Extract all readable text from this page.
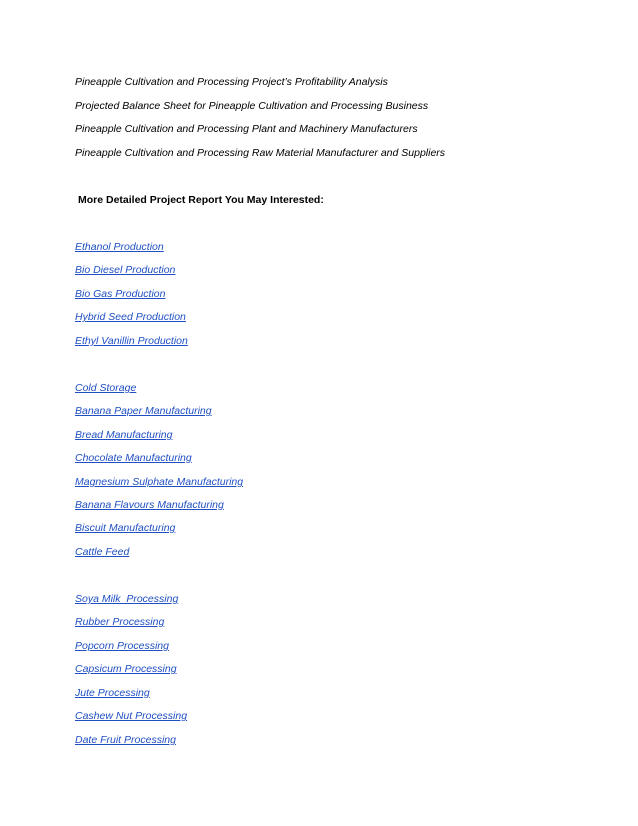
Pineapple Cultivation and Processing Project’s Profitability Analysis
Projected Balance Sheet for Pineapple Cultivation and Processing Business
Pineapple Cultivation and Processing Plant and Machinery Manufacturers
Pineapple Cultivation and Processing Raw Material Manufacturer and Suppliers
More Detailed Project Report You May Interested:
Ethanol Production
Bio Diesel Production
Bio Gas Production
Hybrid Seed Production
Ethyl Vanillin Production
Cold Storage
Banana Paper Manufacturing
Bread Manufacturing
Chocolate Manufacturing
Magnesium Sulphate Manufacturing
Banana Flavours Manufacturing
Biscuit Manufacturing
Cattle Feed
Soya Milk  Processing
Rubber Processing
Popcorn Processing
Capsicum Processing
Jute Processing
Cashew Nut Processing
Date Fruit Processing
